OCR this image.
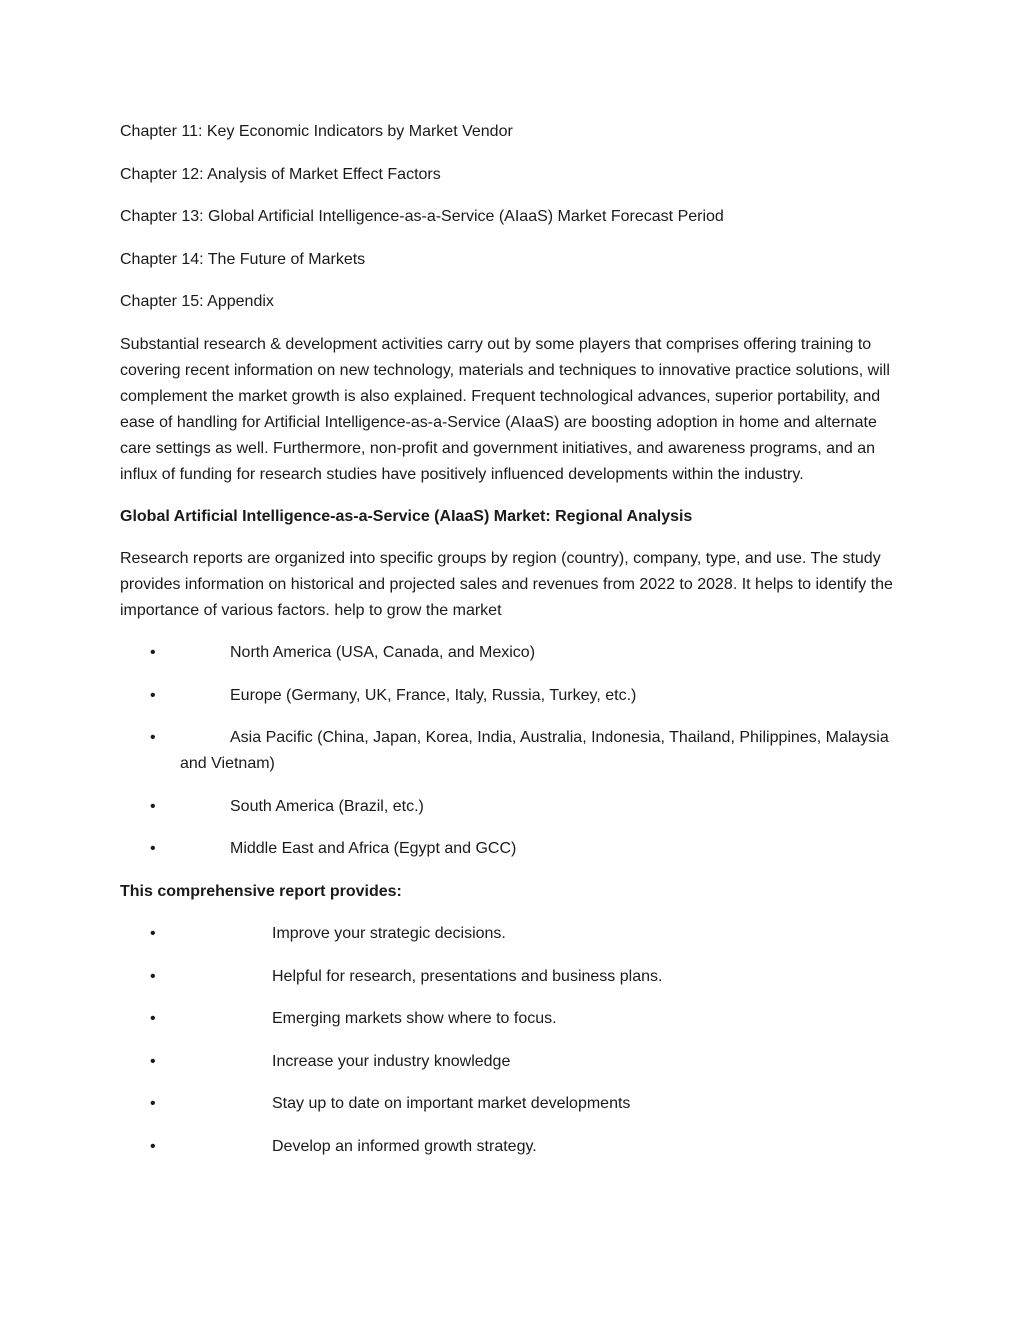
Chapter 11: Key Economic Indicators by Market Vendor

Chapter 12: Analysis of Market Effect Factors

Chapter 13: Global Artificial Intelligence-as-a-Service (AIaaS) Market Forecast Period

Chapter 14: The Future of Markets

Chapter 15: Appendix

Substantial research & development activities carry out by some players that comprises offering training to covering recent information on new technology, materials and techniques to innovative practice solutions, will complement the market growth is also explained. Frequent technological advances, superior portability, and ease of handling for Artificial Intelligence-as-a-Service (AIaaS) are boosting adoption in home and alternate care settings as well. Furthermore, non-profit and government initiatives, and awareness programs, and an influx of funding for research studies have positively influenced developments within the industry.

Global Artificial Intelligence-as-a-Service (AIaaS) Market: Regional Analysis

Research reports are organized into specific groups by region (country), company, type, and use. The study provides information on historical and projected sales and revenues from 2022 to 2028. It helps to identify the importance of various factors. help to grow the market

•	North America (USA, Canada, and Mexico)
•	Europe (Germany, UK, France, Italy, Russia, Turkey, etc.)
•	Asia Pacific (China, Japan, Korea, India, Australia, Indonesia, Thailand, Philippines, Malaysia and Vietnam)
•	South America (Brazil, etc.)
•	Middle East and Africa (Egypt and GCC)

This comprehensive report provides:

•	Improve your strategic decisions.
•	Helpful for research, presentations and business plans.
•	Emerging markets show where to focus.
•	Increase your industry knowledge
•	Stay up to date on important market developments
•	Develop an informed growth strategy.
